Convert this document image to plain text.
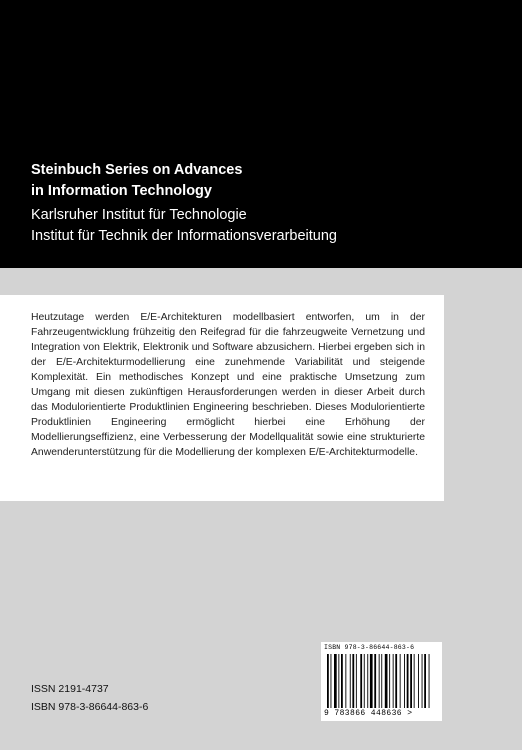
Steinbuch Series on Advances
in Information Technology
Karlsruher Institut für Technologie
Institut für Technik der Informationsverarbeitung
Heutzutage werden E/E-Architekturen modellbasiert entworfen, um in der Fahrzeugentwicklung frühzeitig den Reifegrad für die fahrzeugweite Vernetzung und Integration von Elektrik, Elektronik und Software abzusichern. Hierbei ergeben sich in der E/E-Architekturmodellierung eine zunehmende Variabilität und steigende Komplexität. Ein methodisches Konzept und eine praktische Umsetzung zum Umgang mit diesen zukünftigen Herausforderungen werden in dieser Arbeit durch das Modulorientierte Produktlinien Engineering beschrieben. Dieses Modulorientierte Produktlinien Engineering ermöglicht hierbei eine Erhöhung der Modellierungseffizienz, eine Verbesserung der Modellqualität sowie eine strukturierte Anwenderunterstützung für die Modellierung der komplexen E/E-Architekturmodelle.
ISSN 2191-4737
ISBN 978-3-86644-863-6
ISBN 978-3-86644-863-6
9 783866 448636 >
